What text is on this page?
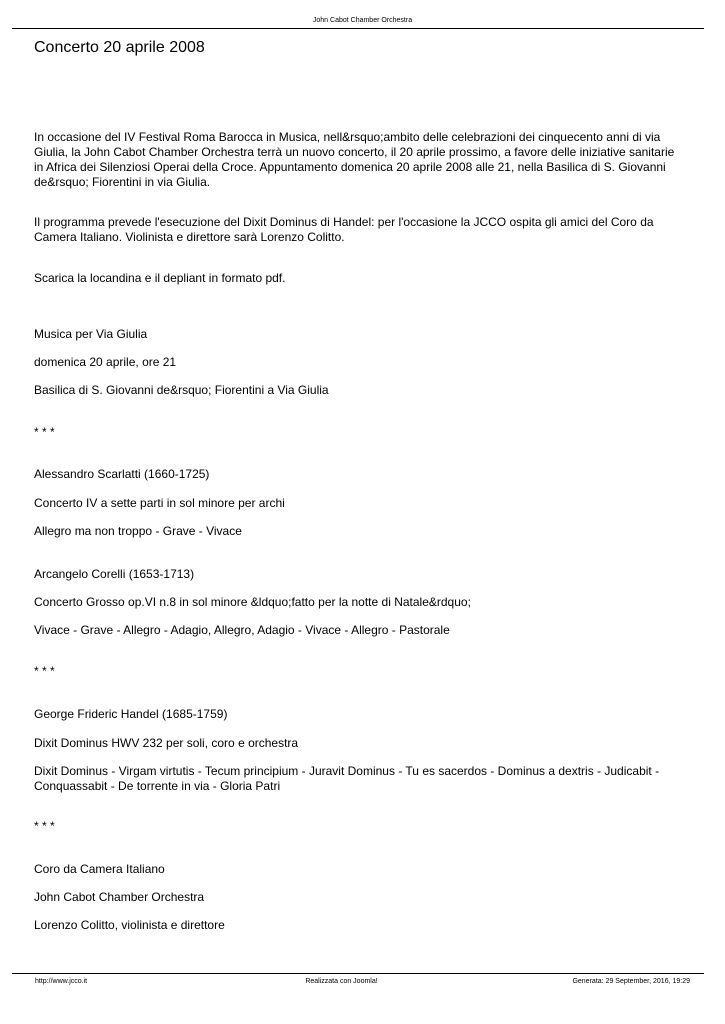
John Cabot Chamber Orchestra
Concerto 20 aprile 2008

In occasione del IV Festival Roma Barocca in Musica, nell&rsquo;ambito delle celebrazioni dei cinquecento anni di via Giulia, la John Cabot Chamber Orchestra terrà un nuovo concerto, il 20 aprile prossimo, a favore delle iniziative sanitarie in Africa dei Silenziosi Operai della Croce. Appuntamento domenica 20 aprile 2008 alle 21, nella Basilica di S. Giovanni de&rsquo; Fiorentini in via Giulia.

Il programma prevede l'esecuzione del Dixit Dominus di Handel: per l'occasione la JCCO ospita gli amici del Coro da Camera Italiano. Violinista e direttore sarà Lorenzo Colitto.

Scarica la locandina e il depliant in formato pdf.

Musica per Via Giulia

domenica 20 aprile, ore 21

Basilica di S. Giovanni de&rsquo; Fiorentini a Via Giulia

* * *

Alessandro Scarlatti (1660-1725)

Concerto IV a sette parti in sol minore per archi

Allegro ma non troppo - Grave - Vivace

Arcangelo Corelli (1653-1713)

Concerto Grosso op.VI n.8 in sol minore &ldquo;fatto per la notte di Natale&rdquo;

Vivace - Grave - Allegro - Adagio, Allegro, Adagio - Vivace - Allegro - Pastorale

* * *

George Frideric Handel (1685-1759)

Dixit Dominus HWV 232 per soli, coro e orchestra

Dixit Dominus - Virgam virtutis - Tecum principium - Juravit Dominus - Tu es sacerdos - Dominus a dextris - Judicabit - Conquassabit - De torrente in via - Gloria Patri

* * *

Coro da Camera Italiano

John Cabot Chamber Orchestra

Lorenzo Colitto, violinista e direttore

http://www.jcco.it	Realizzata con Joomla!	Generata: 29 September, 2016, 19:29
